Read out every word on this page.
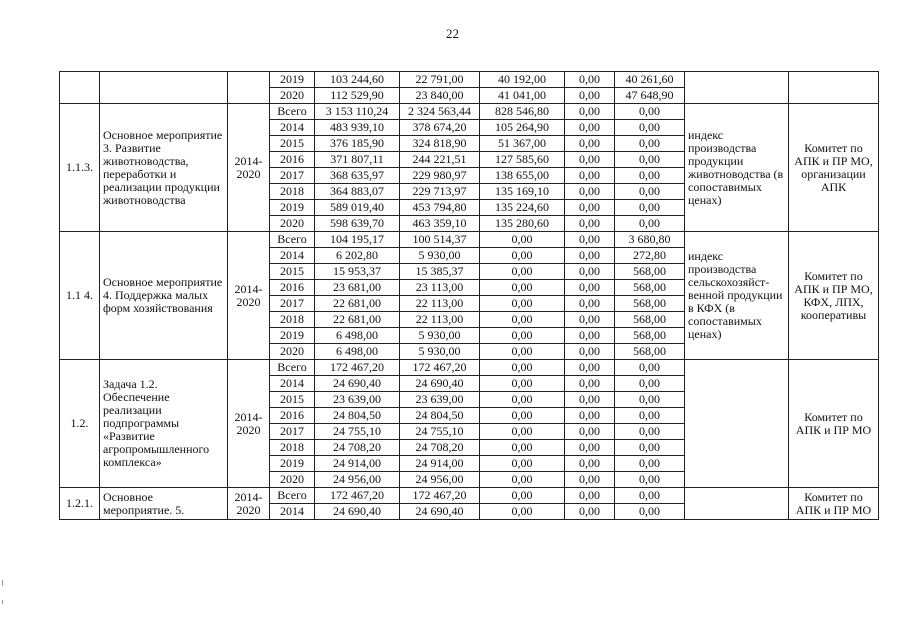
22
			2019	103 244,60	22 791,00	40 192,00	0,00	40 261,60		
			2020	112 529,90	23 840,00	41 041,00	0,00	47 648,90		
1.1.3.	Основное мероприятие 3. Развитие животноводства, переработки и реализации продукции животноводства	2014-2020	Всего	3 153 110,24	2 324 563,44	828 546,80	0,00	0,00	индекс производства продукции животноводства (в сопоставимых ценах)	Комитет по АПК и ПР МО, организации АПК
			2014	483 939,10	378 674,20	105 264,90	0,00	0,00		
			2015	376 185,90	324 818,90	51 367,00	0,00	0,00		
			2016	371 807,11	244 221,51	127 585,60	0,00	0,00		
			2017	368 635,97	229 980,97	138 655,00	0,00	0,00		
			2018	364 883,07	229 713,97	135 169,10	0,00	0,00		
			2019	589 019,40	453 794,80	135 224,60	0,00	0,00		
			2020	598 639,70	463 359,10	135 280,60	0,00	0,00		
1.1 4.	Основное мероприятие 4. Поддержка малых форм хозяйствования	2014-2020	Всего	104 195,17	100 514,37	0,00	0,00	3 680,80	индекс производства сельскохозяйст-венной продукции в КФХ (в сопоставимых ценах)	Комитет по АПК и ПР МО, КФХ, ЛПХ, кооперативы
			2014	6 202,80	5 930,00	0,00	0,00	272,80		
			2015	15 953,37	15 385,37	0,00	0,00	568,00		
			2016	23 681,00	23 113,00	0,00	0,00	568,00		
			2017	22 681,00	22 113,00	0,00	0,00	568,00		
			2018	22 681,00	22 113,00	0,00	0,00	568,00		
			2019	6 498,00	5 930,00	0,00	0,00	568,00		
			2020	6 498,00	5 930,00	0,00	0,00	568,00		
1.2.	Задача 1.2. Обеспечение реализации подпрограммы «Развитие агропромышленного комплекса»	2014-2020	Всего	172 467,20	172 467,20	0,00	0,00	0,00		Комитет по АПК и ПР МО
			2014	24 690,40	24 690,40	0,00	0,00	0,00		
			2015	23 639,00	23 639,00	0,00	0,00	0,00		
			2016	24 804,50	24 804,50	0,00	0,00	0,00		
			2017	24 755,10	24 755,10	0,00	0,00	0,00		
			2018	24 708,20	24 708,20	0,00	0,00	0,00		
			2019	24 914,00	24 914,00	0,00	0,00	0,00		
			2020	24 956,00	24 956,00	0,00	0,00	0,00		
1.2.1.	Основное мероприятие. 5.	2014-2020	Всего	172 467,20	172 467,20	0,00	0,00	0,00		Комитет по АПК и ПР МО
			2014	24 690,40	24 690,40	0,00	0,00	0,00		
